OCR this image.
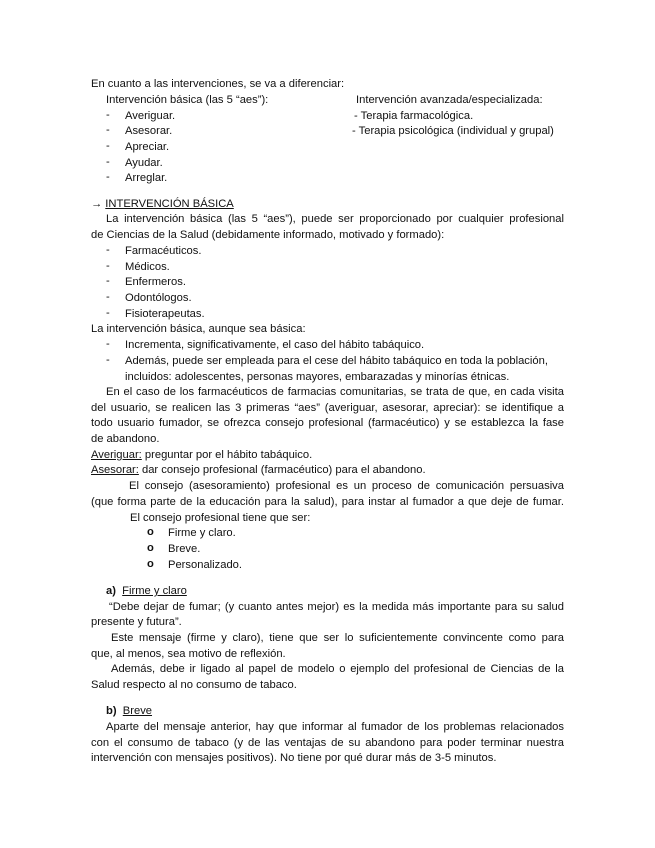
En cuanto a las intervenciones, se va a diferenciar:
Intervención básica (las 5 “aes”):
- Averiguar.
- Asesorar.
- Apreciar.
- Ayudar.
- Arreglar.
Intervención avanzada/especializada:
- Terapia farmacológica.
- Terapia psicológica (individual y grupal)
→ INTERVENCIÓN BÁSICA
La intervención básica (las 5 “aes”), puede ser proporcionado por cualquier profesional
de Ciencias de la Salud (debidamente informado, motivado y formado):
- Farmacéuticos.
- Médicos.
- Enfermeros.
- Odontólogos.
- Fisioterapeutas.
La intervención básica, aunque sea básica:
- Incrementa, significativamente, el caso del hábito tabáquico.
- Además, puede ser empleada para el cese del hábito tabáquico en toda la población,
incluidos: adolescentes, personas mayores, embarazadas y minorías étnicas.
En el caso de los farmacéuticos de farmacias comunitarias, se trata de que, en cada visita
del usuario, se realicen las 3 primeras “aes” (averiguar, asesorar, apreciar): se identifique a
todo usuario fumador, se ofrezca consejo profesional (farmacéutico) y se establezca la fase
de abandono.
Averiguar: preguntar por el hábito tabáquico.
Asesorar: dar consejo profesional (farmacéutico) para el abandono.
El consejo (asesoramiento) profesional es un proceso de comunicación persuasiva
(que forma parte de la educación para la salud), para instar al fumador a que deje de fumar.
El consejo profesional tiene que ser:
o Firme y claro.
o Breve.
o Personalizado.
a) Firme y claro
“Debe dejar de fumar; (y cuanto antes mejor) es la medida más importante para su salud
presente y futura”.
Este mensaje (firme y claro), tiene que ser lo suficientemente convincente como para
que, al menos, sea motivo de reflexión.
Además, debe ir ligado al papel de modelo o ejemplo del profesional de Ciencias de la
Salud respecto al no consumo de tabaco.
b) Breve
Aparte del mensaje anterior, hay que informar al fumador de los problemas relacionados
con el consumo de tabaco (y de las ventajas de su abandono para poder terminar nuestra
intervención con mensajes positivos). No tiene por qué durar más de 3-5 minutos.
